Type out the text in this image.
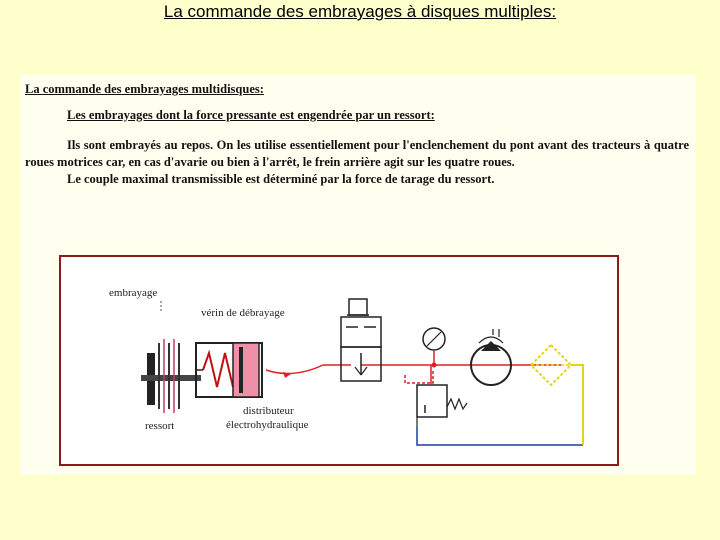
La commande des embrayages à disques multiples:

La commande des embrayages multidisques:

Les embrayages dont la force pressante est engendrée par un ressort:

Ils sont embrayés au repos. On les utilise essentiellement pour l'enclenchement du pont avant des tracteurs à quatre roues motrices car, en cas d'avarie ou bien à l'arrêt, le frein arrière agit sur les quatre roues.

Le couple maximal transmissible est déterminé par la force de tarage du ressort.

embrayage
vérin de débrayage
ressort
distributeur
électrohydraulique
